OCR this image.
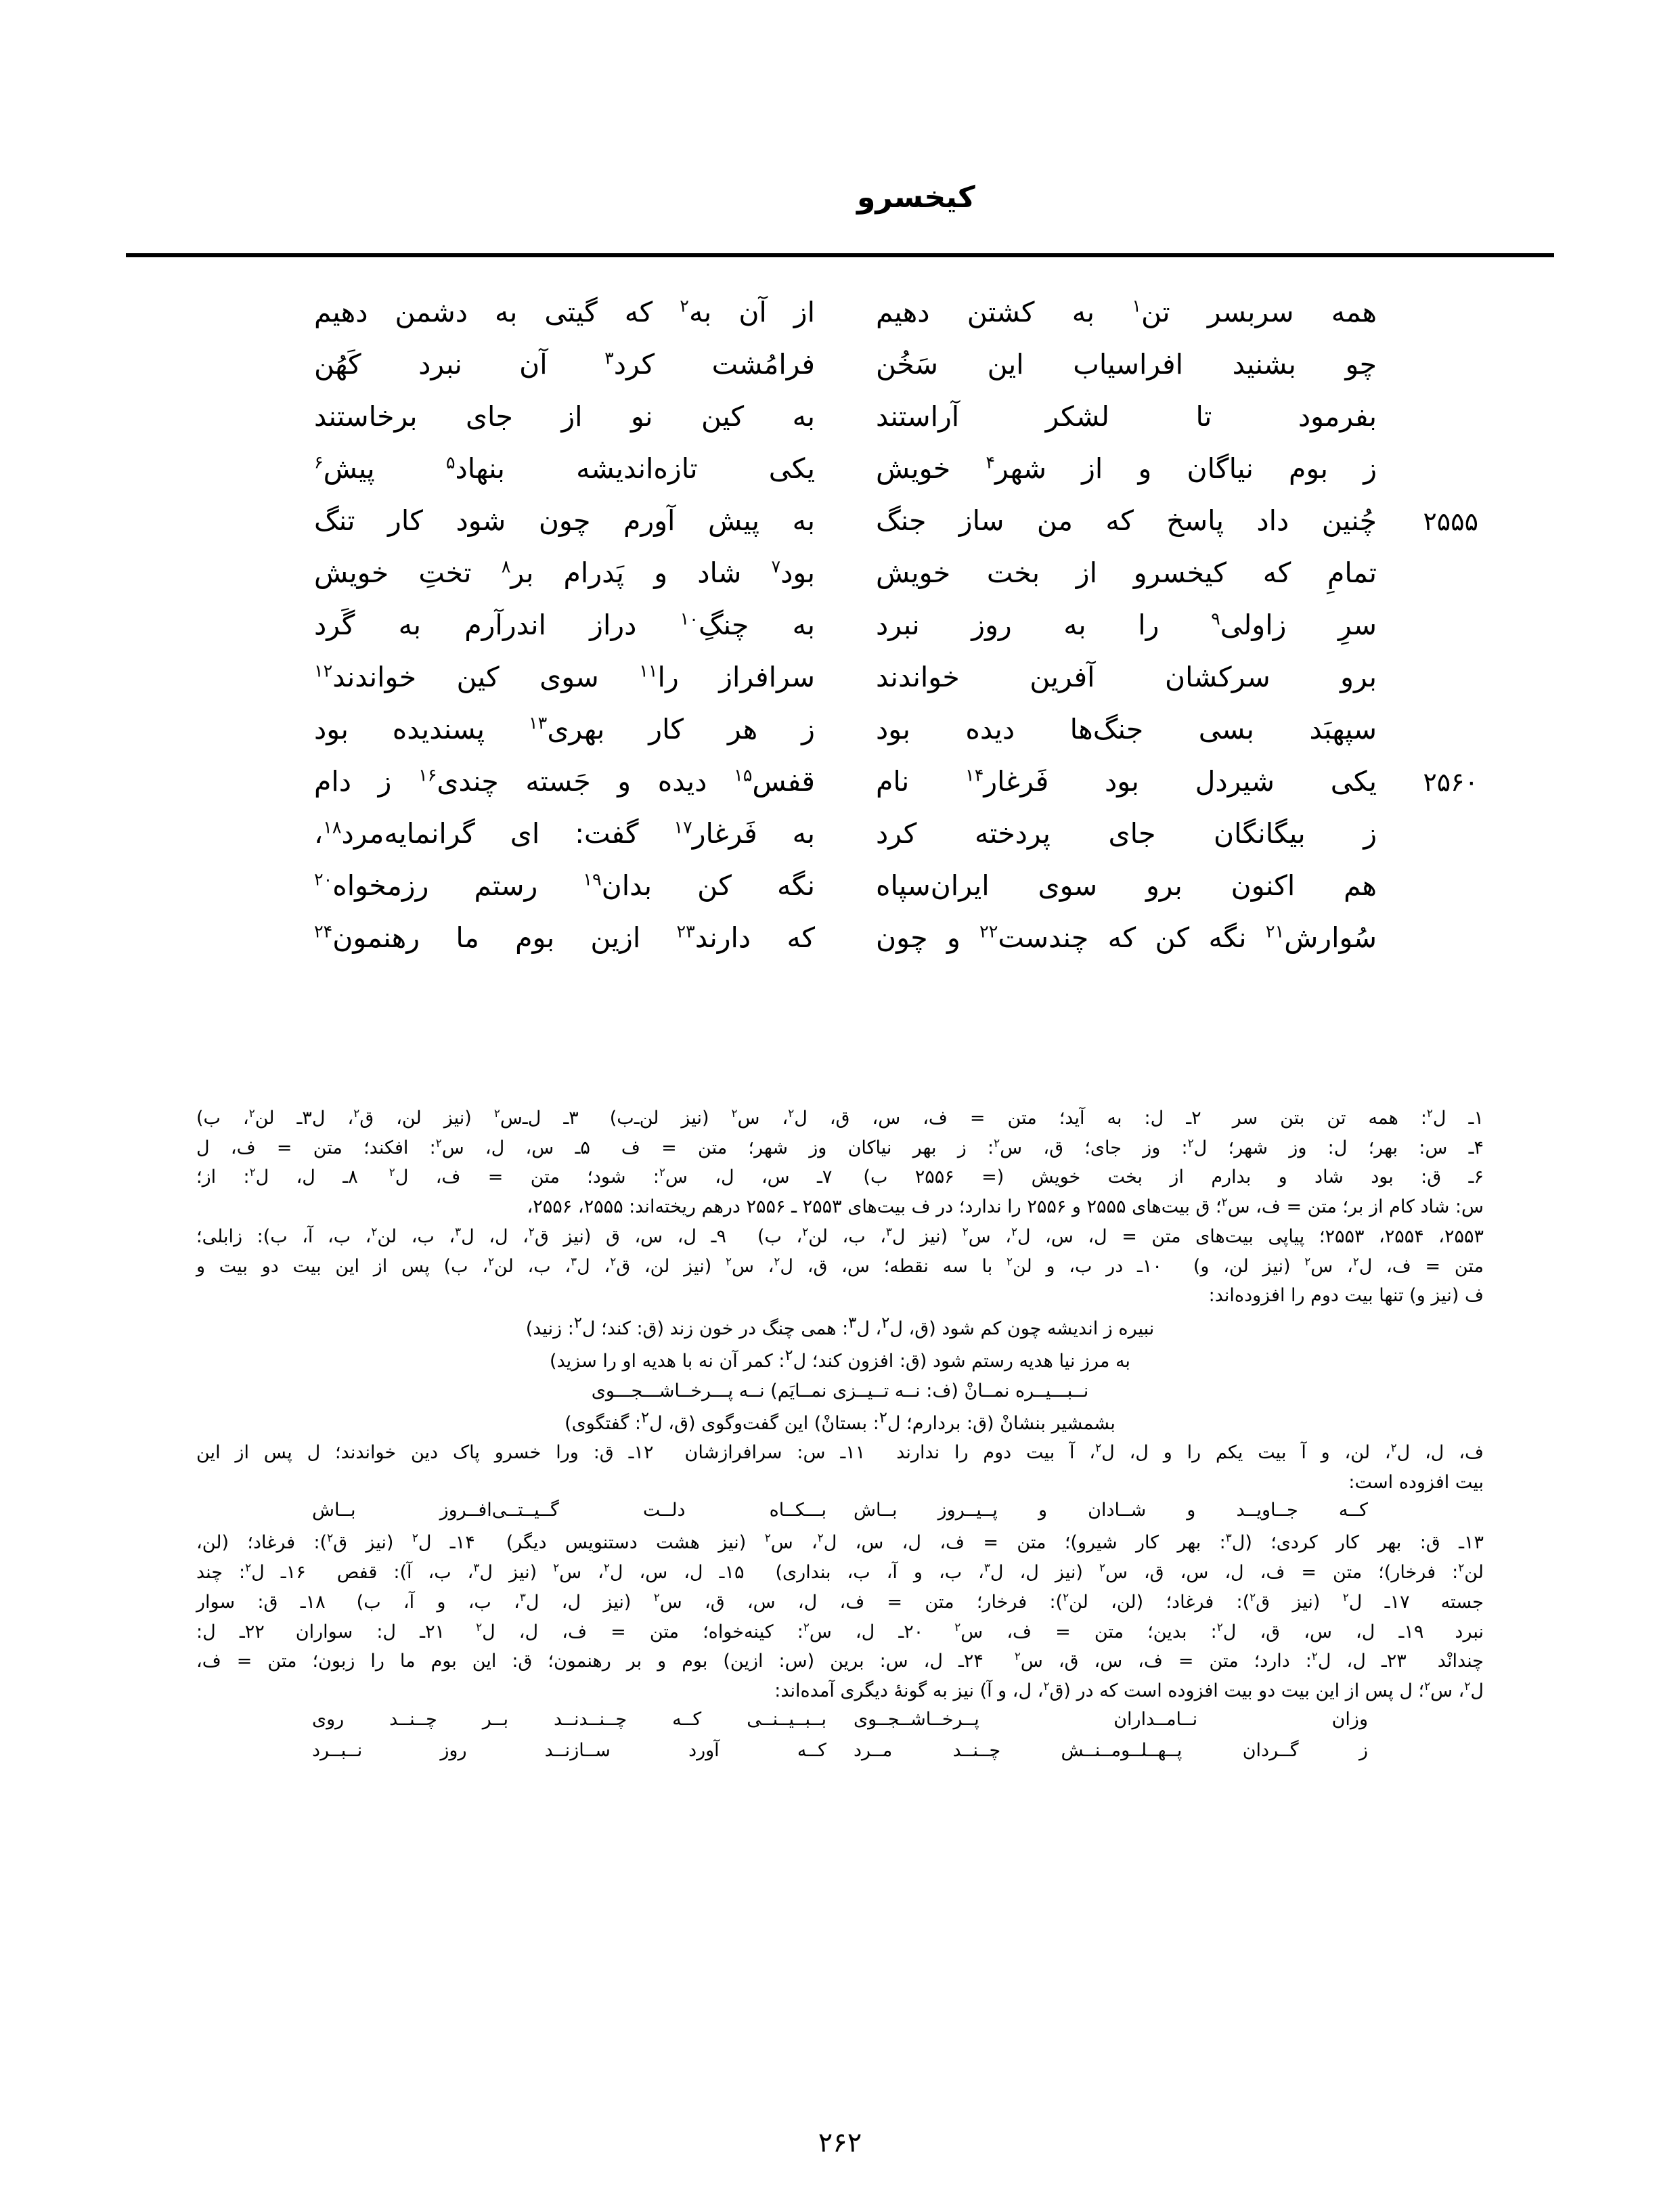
کیخسرو
همه سربسر تن$^۱$ به کشتن دهیم
از آن به$^۲$ که گیتی به دشمن دهیم
چو بشنید افراسیاب این سَخُن
فرامُشت کرد$^۳$ آن نبرد کَهُن
بفرمود تا لشکر آراستند
به کین نو از جای برخاستند
ز بوم نیاگان و از شهر$^۴$ خویش
یکی تازه‌اندیشه بنهاد$^۵$ پیش$^۶$
۲۵۵۵
چُنین داد پاسخ که من ساز جنگ
به پیش آورم چون شود کار تنگ
تمامِ که کیخسرو از بخت خویش
بود$^۷$ شاد و پَدرام بر$^۸$ تختِ خویش
سرِ زاولی$^۹$ را به روز نبرد
به چنگِ$^{۱۰}$ دراز اندرآرم به گَرد
برو سرکشان آفرین خواندند
سرافراز را$^{۱۱}$ سوی کین خواندند$^{۱۲}$
سپهبَد بسی جنگ‌ها دیده بود
ز هر کار بهری$^{۱۳}$ پسندیده بود
۲۵۶۰
یکی شیردل بود فَرغار$^{۱۴}$ نام
قفس$^{۱۵}$ دیده و جَسته چندی$^{۱۶}$ ز دام
ز بیگانگان جای پردخته کرد
به فَرغار$^{۱۷}$ گفت: ای گرانمایه‌مرد$^{۱۸}$،
هم اکنون برو سوی ایران‌سپاه
نگه کن بدان$^{۱۹}$ رستم رزمخواه$^{۲۰}$
سُوارش$^{۲۱}$ نگه کن که چندست$^{۲۲}$ و چون
که دارند$^{۲۳}$ ازین بوم ما رهنمون$^{۲۴}$
۱ـ ل$^٢$: همه تن بتن سر۲ـ ل: به آید؛ متن = ف، س، ق، ل$^٢$، س$^٢$ (نیز لن‌ـ‌ب)۳ـ ل‌ـ‌س$^٢$ (نیز لن، ق$^٢$، ل٣ـ لن$^٢$، ب)
۴ـ س: بهر؛ ل: وز شهر؛ ل$^٢$: وز جای؛ ق، س$^٢$: ز بهر نیاکان وز شهر؛ متن = ف۵ـ س، ل، س$^٢$: افکند؛ متن = ف، ل
۶ـ ق: بود شاد و بدارم از بخت خویش (= ۲۵۵۶ ب)۷ـ س، ل، س$^٢$: شود؛ متن = ف، ل$^٢$۸ـ ل، ل$^٢$: از؛
س: شاد کام از بر؛ متن = ف، س$^٢$؛ ق بیت‌های ۲۵۵۵ و ۲۵۵۶ را ندارد؛ در ف بیت‌های ۲۵۵۳ ـ ۲۵۵۶ درهم ریخته‌اند: ۲۵۵۵، ۲۵۵۶،
۲۵۵۳، ۲۵۵۴، ۲۵۵۳؛ پیاپی بیت‌های متن = ل، س، ل$^٢$، س$^٢$ (نیز ل$^٣$، ب، لن$^٢$، ب)۹ـ ل، س، ق (نیز ق$^٢$، ل، ل$^٣$، ب، لن$^٢$، ب، آ، ب): زابلی؛
متن = ف، ل$^٢$، س$^٢$ (نیز لن، و)۱۰ـ د‌ر ب، و لن$^٢$ با سه نقطه؛ س، ق، ل$^٢$، س$^٢$ (نیز لن، ق$^٢$، ل$^٣$، ب، لن$^٢$، ب) پس از این بیت دو بیت و
ف (نیز و) تنها بیت دوم را افزوده‌اند:
نبیره ز اندیشه چون کم شود (ق، ل$^٢$، ل$^٣$: همی چنگ در خون زند (ق: کند؛ ل$^٢$: زنید)
به مرز نیا هدیه رستم شود (ق: افزون کند؛ ل$^٢$: کمر آن نه با هدیه او را سزید)
نــبـــیــره نمــانْ (ف: نــه تــیــزی نمــایَم) نــه پـــرخــاشـــجـــوی
بشمشیر بنشانْ (ق: بردارم؛ ل$^٢$: بستانْ) این گفت‌وگوی (ق، ل$^٢$: گفتگوی)
ف، ل، ل$^٢$، لن، و آ بیت یکم را و ل، ل$^٢$، آ بیت دوم را ندارند۱۱ـ س: سرافرازشان۱۲ـ ق: ورا خسرو پاک دین خواندند؛ ل پس از این
بیت افزوده است:
کــه جــاویــد و شــادان و پــیــروز بــاش
بـــکــاه دلــت گــیــتــی‌افــروز بــاش
۱۳ـ ق: بهر کار کردی؛ (ل$^٣$: بهر کار شیرو)؛ متن = ف، ل، س، ل$^٢$، س$^٢$ (نیز هشت دستنویس دیگر)۱۴ـ ل$^٢$ (نیز ق$^٢$): فرغاد؛ (لن،
لن$^٢$: فرخار)؛ متن = ف، ل، س، ق، س$^٢$ (نیز ل، ل$^٣$، ب، و آ، ب، بنداری)۱۵ـ ل، س، ل$^٢$، س$^٢$ (نیز ل$^٣$، ب، آ): قفص۱۶ـ ل$^٢$: چند
جسته۱۷ـ ل$^٢$ (نیز ق$^٢$): فرغاد؛ (لن، لن$^٢$): فرخار؛ متن = ف، ل، س، ق، س$^٢$ (نیز ل، ل$^٣$، ب، و آ، ب)۱۸ـ ق: سوار
نبرد۱۹ـ ل، س، ق، ل$^٢$: بدین؛ متن = ف، س$^٢$۲۰ـ ل، س$^٢$: کینه‌خواه؛ متن = ف، ل، ل$^٢$۲۱ـ ل: سواران۲۲ـ ل:
چندانْد۲۳ـ ل، ل$^٢$: دارد؛ متن = ف، س، ق، س$^٢$۲۴ـ ل، س: برین (س: ازین) بوم و بر رهنمون؛ ق: این بوم ما را زبون؛ متن = ف،
ل$^٢$، س$^٢$؛ ل پس از این بیت دو بیت افزوده است که در (ق$^٢$، ل، و آ) نیز به گونهٔ دیگری آمده‌اند:
وزان نــامــداران پــرخــاشــجــوی
بــبــیــنــی کــه چــنــدنــد بــر چــنــد روی
ز گــردان پــهــلــومــنــش چــنــد مــرد
کــه آورد ســازنــد روز نــبــرد
۲۶۲
